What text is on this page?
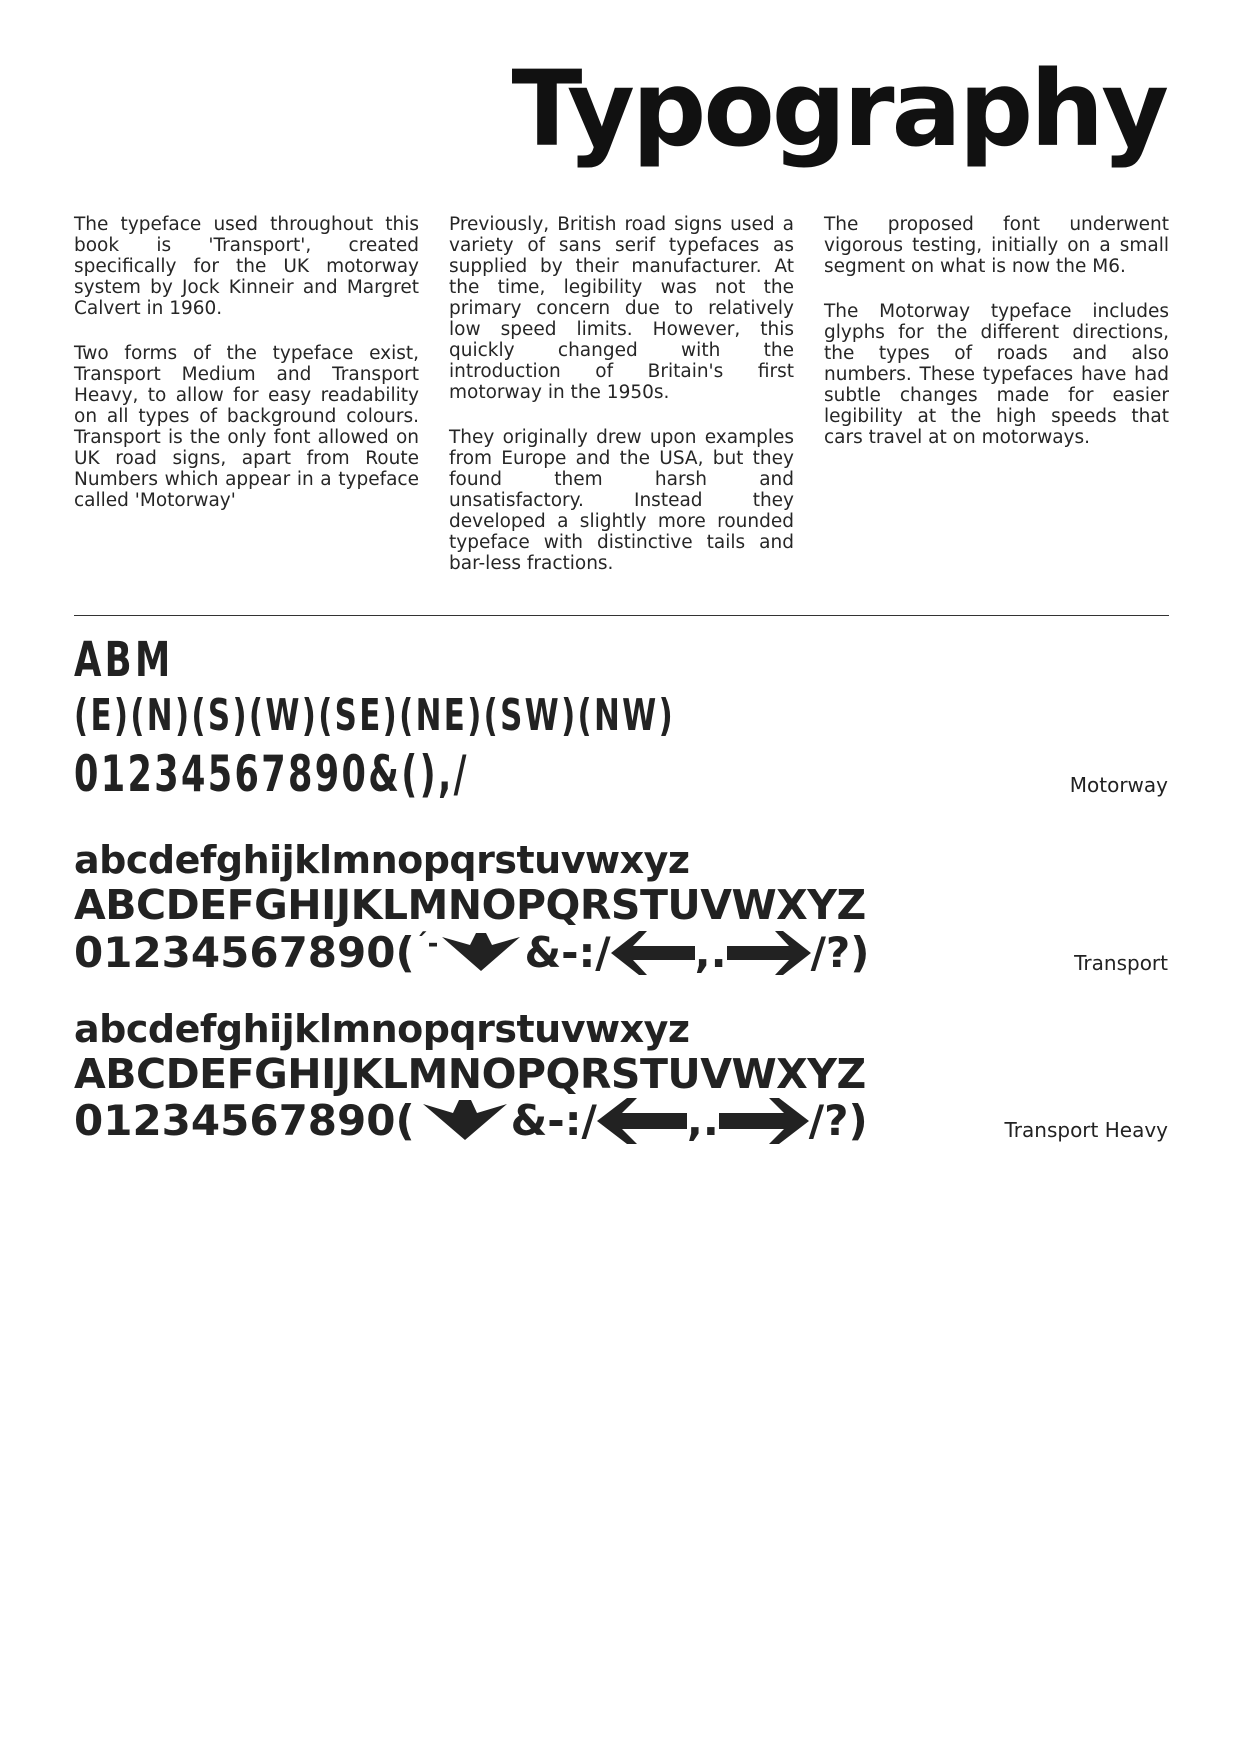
Typography

The typeface used throughout this book is 'Transport', created specifically for the UK motorway system by Jock Kinneir and Margret Calvert in 1960.

Two forms of the typeface exist, Transport Medium and Transport Heavy, to allow for easy readability on all types of background colours. Transport is the only font allowed on UK road signs, apart from Route Numbers which appear in a typeface called 'Motorway'

Previously, British road signs used a variety of sans serif typefaces as supplied by their manufacturer. At the time, legibility was not the primary concern due to relatively low speed limits. However, this quickly changed with the introduction of Britain's first motorway in the 1950s.

They originally drew upon examples from Europe and the USA, but they found them harsh and unsatisfactory. Instead they developed a slightly more rounded typeface with distinctive tails and bar-less fractions.

The proposed font underwent vigorous testing, initially on a small segment on what is now the M6.

The Motorway typeface includes glyphs for the different directions, the types of roads and also numbers. These typefaces have had subtle changes made for easier legibility at the high speeds that cars travel at on motorways.

ABM

(E)(N)(S)(W)(SE)(NE)(SW)(NW)

01234567890&(),/	Motorway

abcdefghijklmnopqrstuvwxyz

ABCDEFGHIJKLMNOPQRSTUVWXYZ

01234567890( ´- &-:/ ,. /?)	Transport

abcdefghijklmnopqrstuvwxyz

ABCDEFGHIJKLMNOPQRSTUVWXYZ

01234567890( &-:/ ,. /?)	Transport Heavy
